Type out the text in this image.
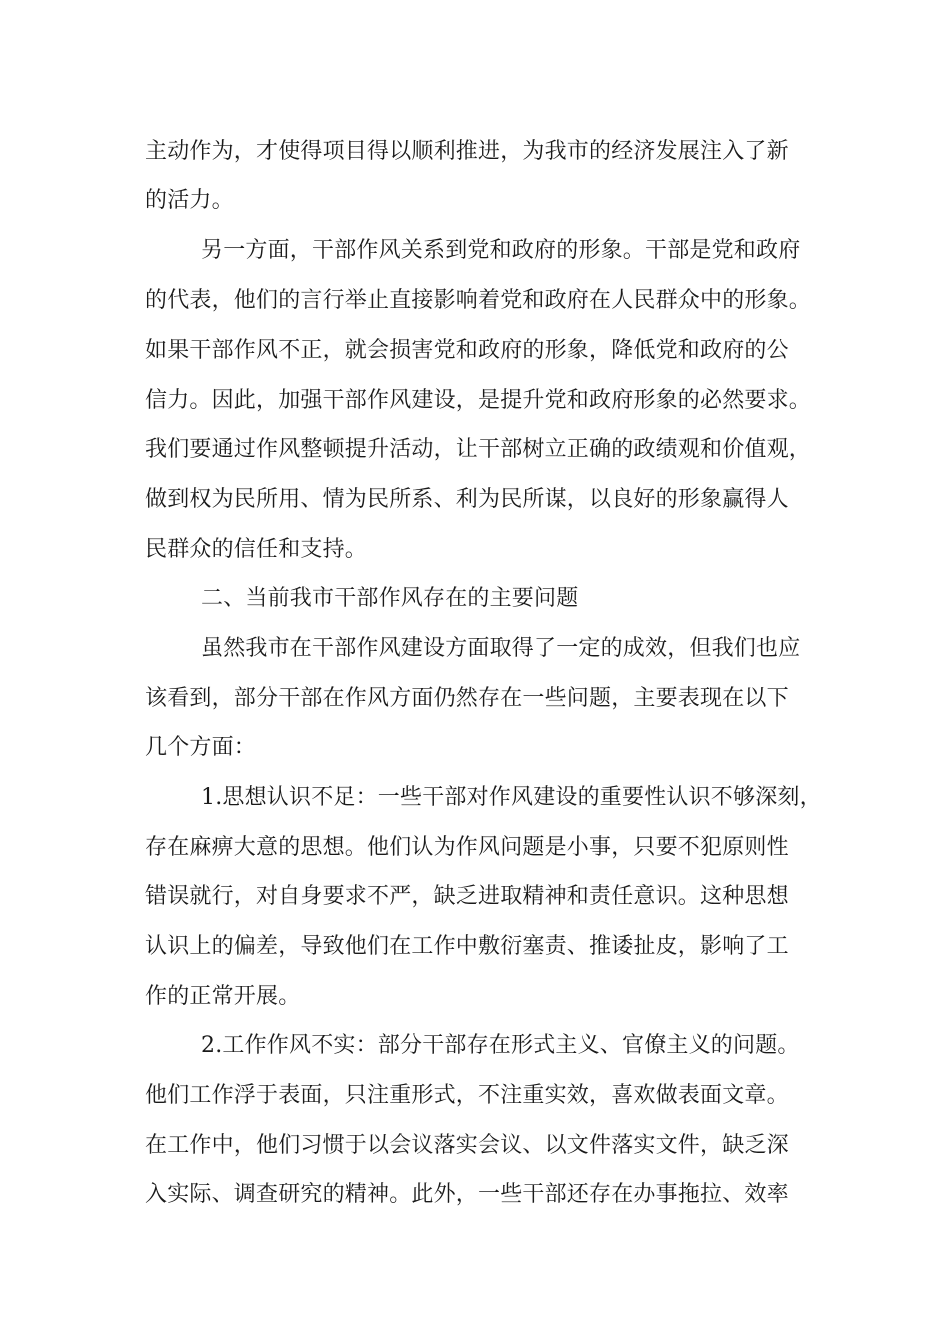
主动作为，才使得项目得以顺利推进，为我市的经济发展注入了新
的活力。
另一方面，干部作风关系到党和政府的形象。干部是党和政府
的代表，他们的言行举止直接影响着党和政府在人民群众中的形象。
如果干部作风不正，就会损害党和政府的形象，降低党和政府的公
信力。因此，加强干部作风建设，是提升党和政府形象的必然要求。
我们要通过作风整顿提升活动，让干部树立正确的政绩观和价值观，
做到权为民所用、情为民所系、利为民所谋，以良好的形象赢得人
民群众的信任和支持。
二、当前我市干部作风存在的主要问题
虽然我市在干部作风建设方面取得了一定的成效，但我们也应
该看到，部分干部在作风方面仍然存在一些问题，主要表现在以下
几个方面：
1.思想认识不足：一些干部对作风建设的重要性认识不够深刻，
存在麻痹大意的思想。他们认为作风问题是小事，只要不犯原则性
错误就行，对自身要求不严，缺乏进取精神和责任意识。这种思想
认识上的偏差，导致他们在工作中敷衍塞责、推诿扯皮，影响了工
作的正常开展。
2.工作作风不实：部分干部存在形式主义、官僚主义的问题。
他们工作浮于表面，只注重形式，不注重实效，喜欢做表面文章。
在工作中，他们习惯于以会议落实会议、以文件落实文件，缺乏深
入实际、调查研究的精神。此外，一些干部还存在办事拖拉、效率
